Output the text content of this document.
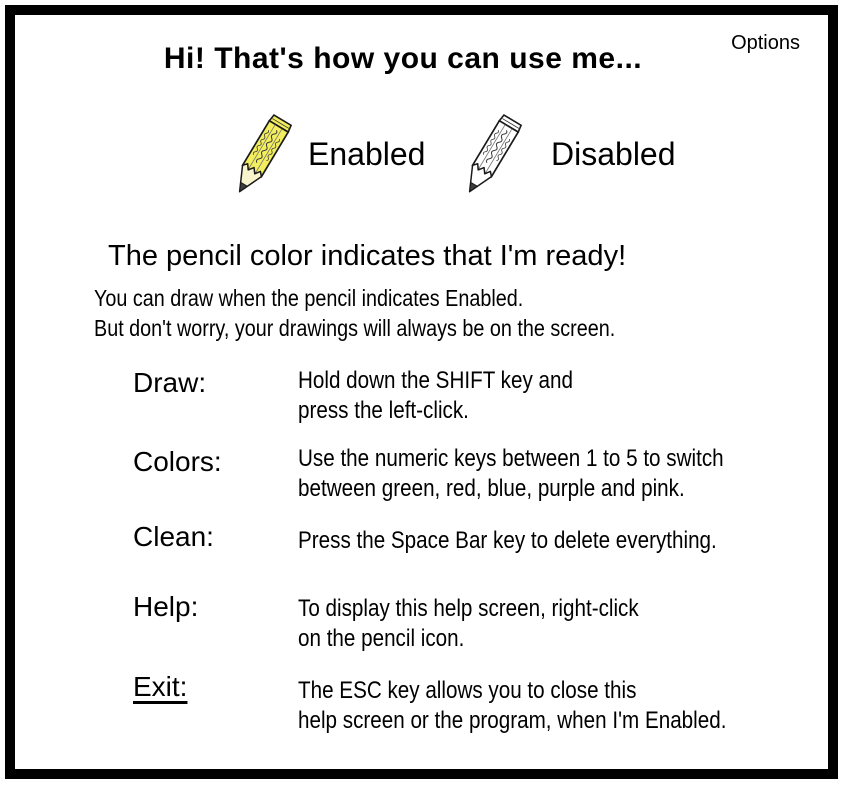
Options
Hi! That's how you can use me...
Enabled	Disabled
The pencil color indicates that I'm ready!
You can draw when the pencil indicates Enabled.
But don't worry, your drawings will always be on the screen.
Draw:	Hold down the SHIFT key and
press the left-click.
Colors:	Use the numeric keys between 1 to 5 to switch
between green, red, blue, purple and pink.
Clean:	Press the Space Bar key to delete everything.
Help:	To display this help screen, right-click
on the pencil icon.
Exit:	The ESC key allows you to close this
help screen or the program, when I'm Enabled.
